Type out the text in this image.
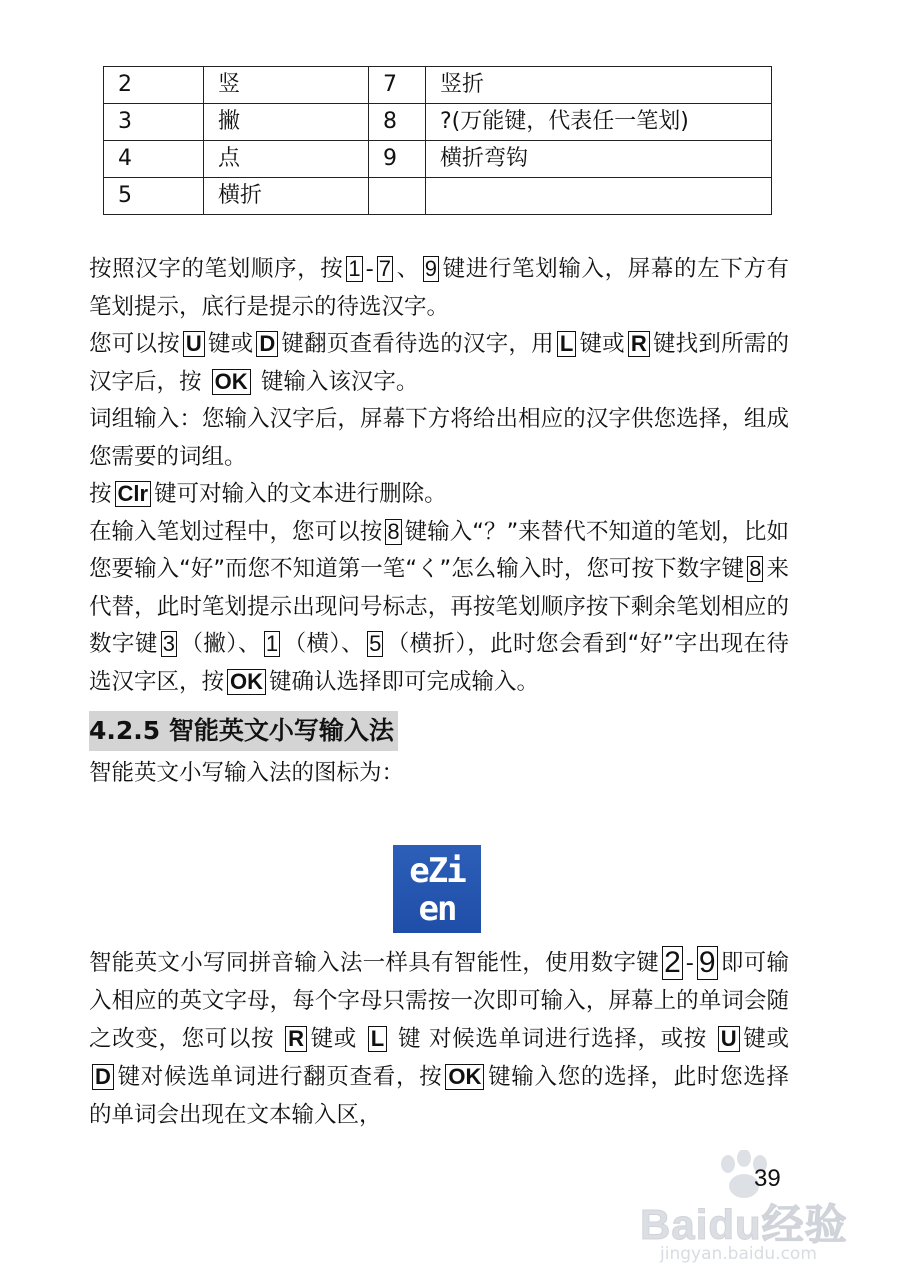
2	竖	7	竖折
3	撇	8	?(万能键，代表任一笔划)
4	点	9	横折弯钩
5	横折		

按照汉字的笔划顺序，按 1 - 7 、 9 键进行笔划输入，屏幕的左下方有笔划提示，底行是提示的待选汉字。

您可以按 U 键或 D 键翻页查看待选的汉字，用 L 键或 R 键找到所需的汉字后，按 OK 键输入该汉字。

词组输入：您输入汉字后，屏幕下方将给出相应的汉字供您选择，组成您需要的词组。

按 Clr 键可对输入的文本进行删除。

在输入笔划过程中，您可以按 8 键输入“？”来替代不知道的笔划，比如您要输入“好”而您不知道第一笔“く”怎么输入时，您可按下数字键 8 来代替，此时笔划提示出现问号标志，再按笔划顺序按下剩余笔划相应的数字键 3 （撇）、 1 （横）、 5 （横折），此时您会看到“好”字出现在待选汉字区，按 OK 键确认选择即可完成输入。

4.2.5 智能英文小写输入法

智能英文小写输入法的图标为：

eZi
en

智能英文小写同拼音输入法一样具有智能性，使用数字键 2 - 9 即可输入相应的英文字母，每个字母只需按一次即可输入，屏幕上的单词会随之改变，您可以按 R 键或 L 键 对候选单词进行选择，或按 U 键或 D 键对候选单词进行翻页查看，按 OK 键输入您的选择，此时您选择的单词会出现在文本输入区，

Baidu经验
jingyan.baidu.com
39
